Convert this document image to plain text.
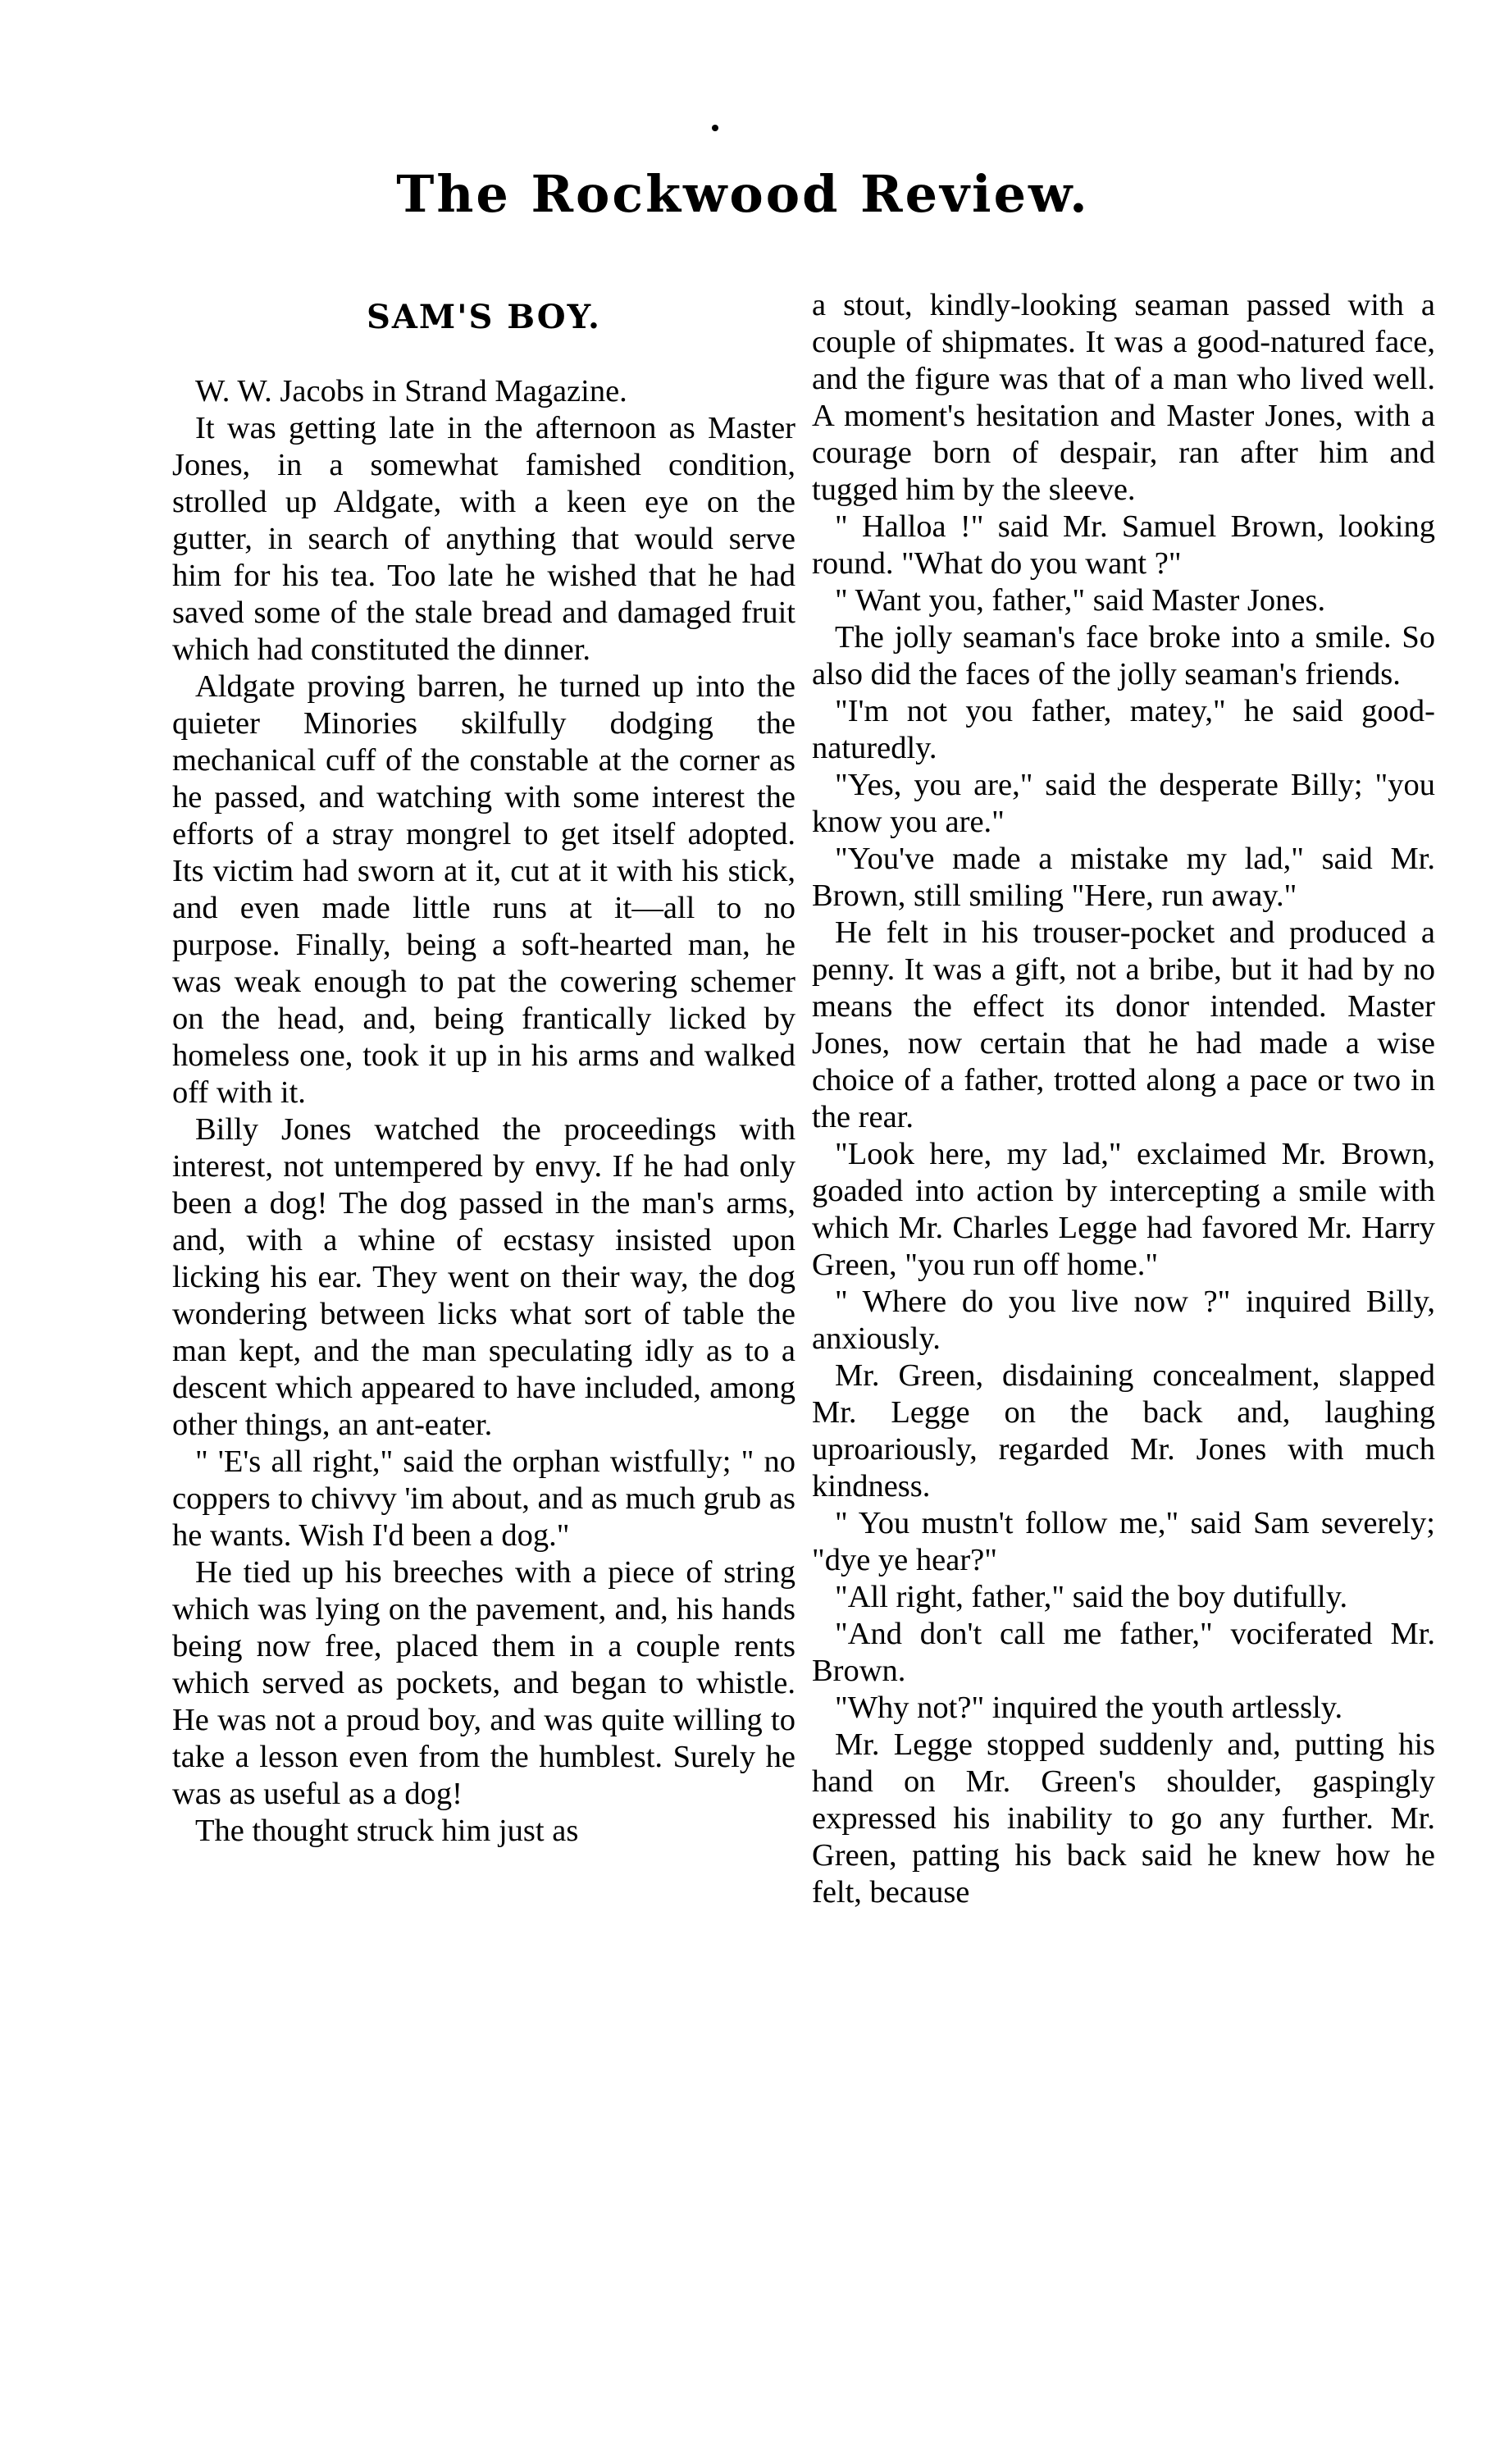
The Rockwood Review.
SAM'S BOY.

W. W. Jacobs in Strand Magazine.

It was getting late in the afternoon as Master Jones, in a somewhat famished condition, strolled up Aldgate, with a keen eye on the gutter, in search of anything that would serve him for his tea. Too late he wished that he had saved some of the stale bread and damaged fruit which had constituted the dinner.

Aldgate proving barren, he turned up into the quieter Minories skilfully dodging the mechanical cuff of the constable at the corner as he passed, and watching with some interest the efforts of a stray mongrel to get itself adopted. Its victim had sworn at it, cut at it with his stick, and even made little runs at it—all to no purpose. Finally, being a soft-hearted man, he was weak enough to pat the cowering schemer on the head, and, being frantically licked by homeless one, took it up in his arms and walked off with it.

Billy Jones watched the proceedings with interest, not untempered by envy. If he had only been a dog! The dog passed in the man's arms, and, with a whine of ecstasy insisted upon licking his ear. They went on their way, the dog wondering between licks what sort of table the man kept, and the man speculating idly as to a descent which appeared to have included, among other things, an ant-eater.

" 'E's all right," said the orphan wistfully; " no coppers to chivvy 'im about, and as much grub as he wants. Wish I'd been a dog."

He tied up his breeches with a piece of string which was lying on the pavement, and, his hands being now free, placed them in a couple rents which served as pockets, and began to whistle. He was not a proud boy, and was quite willing to take a lesson even from the humblest. Surely he was as useful as a dog!

The thought struck him just as

a stout, kindly-looking seaman passed with a couple of shipmates. It was a good-natured face, and the figure was that of a man who lived well. A moment's hesitation and Master Jones, with a courage born of despair, ran after him and tugged him by the sleeve.

" Halloa !" said Mr. Samuel Brown, looking round. "What do you want ?"

" Want you, father," said Master Jones.

The jolly seaman's face broke into a smile. So also did the faces of the jolly seaman's friends.

"I'm not you father, matey," he said good-naturedly.

"Yes, you are," said the desperate Billy; "you know you are."

"You've made a mistake my lad," said Mr. Brown, still smiling "Here, run away."

He felt in his trouser-pocket and produced a penny. It was a gift, not a bribe, but it had by no means the effect its donor intended. Master Jones, now certain that he had made a wise choice of a father, trotted along a pace or two in the rear.

"Look here, my lad," exclaimed Mr. Brown, goaded into action by intercepting a smile with which Mr. Charles Legge had favored Mr. Harry Green, "you run off home."

" Where do you live now ?" inquired Billy, anxiously.

Mr. Green, disdaining concealment, slapped Mr. Legge on the back and, laughing uproariously, regarded Mr. Jones with much kindness.

" You mustn't follow me," said Sam severely; "dye ye hear?"

"All right, father," said the boy dutifully.

"And don't call me father," vociferated Mr. Brown.

"Why not?" inquired the youth artlessly.

Mr. Legge stopped suddenly and, putting his hand on Mr. Green's shoulder, gaspingly expressed his inability to go any further. Mr. Green, patting his back said he knew how he felt, because
